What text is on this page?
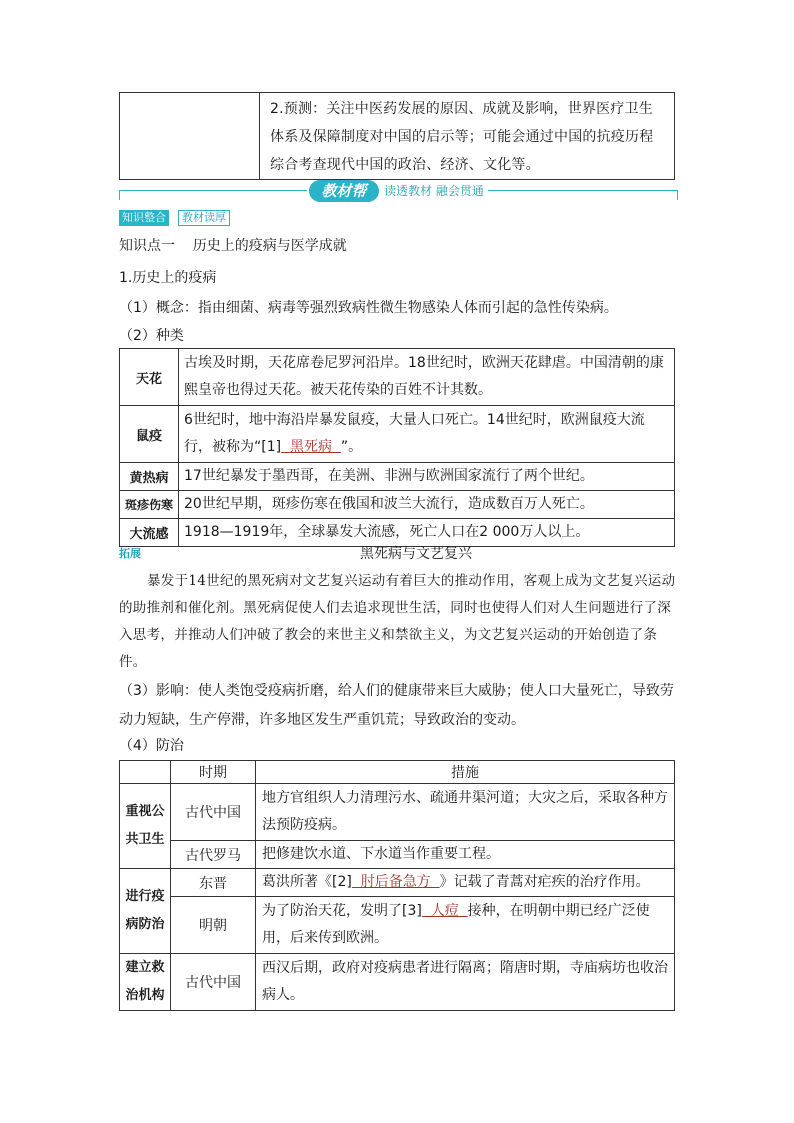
	2.预测：关注中医药发展的原因、成就及影响，世界医疗卫生体系及保障制度对中国的启示等；可能会通过中国的抗疫历程综合考查现代中国的政治、经济、文化等。
教材帮	读透教材 融会贯通
知识整合	教材读厚
知识点一    历史上的疫病与医学成就
1.历史上的疫病
（1）概念：指由细菌、病毒等强烈致病性微生物感染人体而引起的急性传染病。
（2）种类
天花	古埃及时期，天花席卷尼罗河沿岸。18世纪时，欧洲天花肆虐。中国清朝的康熙皇帝也得过天花。被天花传染的百姓不计其数。
鼠疫	6世纪时，地中海沿岸暴发鼠疫，大量人口死亡。14世纪时，欧洲鼠疫大流行，被称为“[1]  黑死病  ”。
黄热病	17世纪暴发于墨西哥，在美洲、非洲与欧洲国家流行了两个世纪。
斑疹伤寒	20世纪早期，斑疹伤寒在俄国和波兰大流行，造成数百万人死亡。
大流感	1918—1919年，全球暴发大流感，死亡人口在2 000万人以上。
拓展	黑死病与文艺复兴
暴发于14世纪的黑死病对文艺复兴运动有着巨大的推动作用，客观上成为文艺复兴运动的助推剂和催化剂。黑死病促使人们去追求现世生活，同时也使得人们对人生问题进行了深入思考，并推动人们冲破了教会的来世主义和禁欲主义，为文艺复兴运动的开始创造了条件。
（3）影响：使人类饱受疫病折磨，给人们的健康带来巨大威胁；使人口大量死亡，导致劳动力短缺，生产停滞，许多地区发生严重饥荒；导致政治的变动。
（4）防治
	时期	措施
重视公共卫生	古代中国	地方官组织人力清理污水、疏通井渠河道；大灾之后，采取各种方法预防疫病。
	古代罗马	把修建饮水道、下水道当作重要工程。
进行疫病防治	东晋	葛洪所著《[2]  肘后备急方  》记载了青蒿对疟疾的治疗作用。
	明朝	为了防治天花，发明了[3]  人痘  接种，在明朝中期已经广泛使用，后来传到欧洲。
建立救治机构	古代中国	西汉后期，政府对疫病患者进行隔离；隋唐时期，寺庙病坊也收治病人。
